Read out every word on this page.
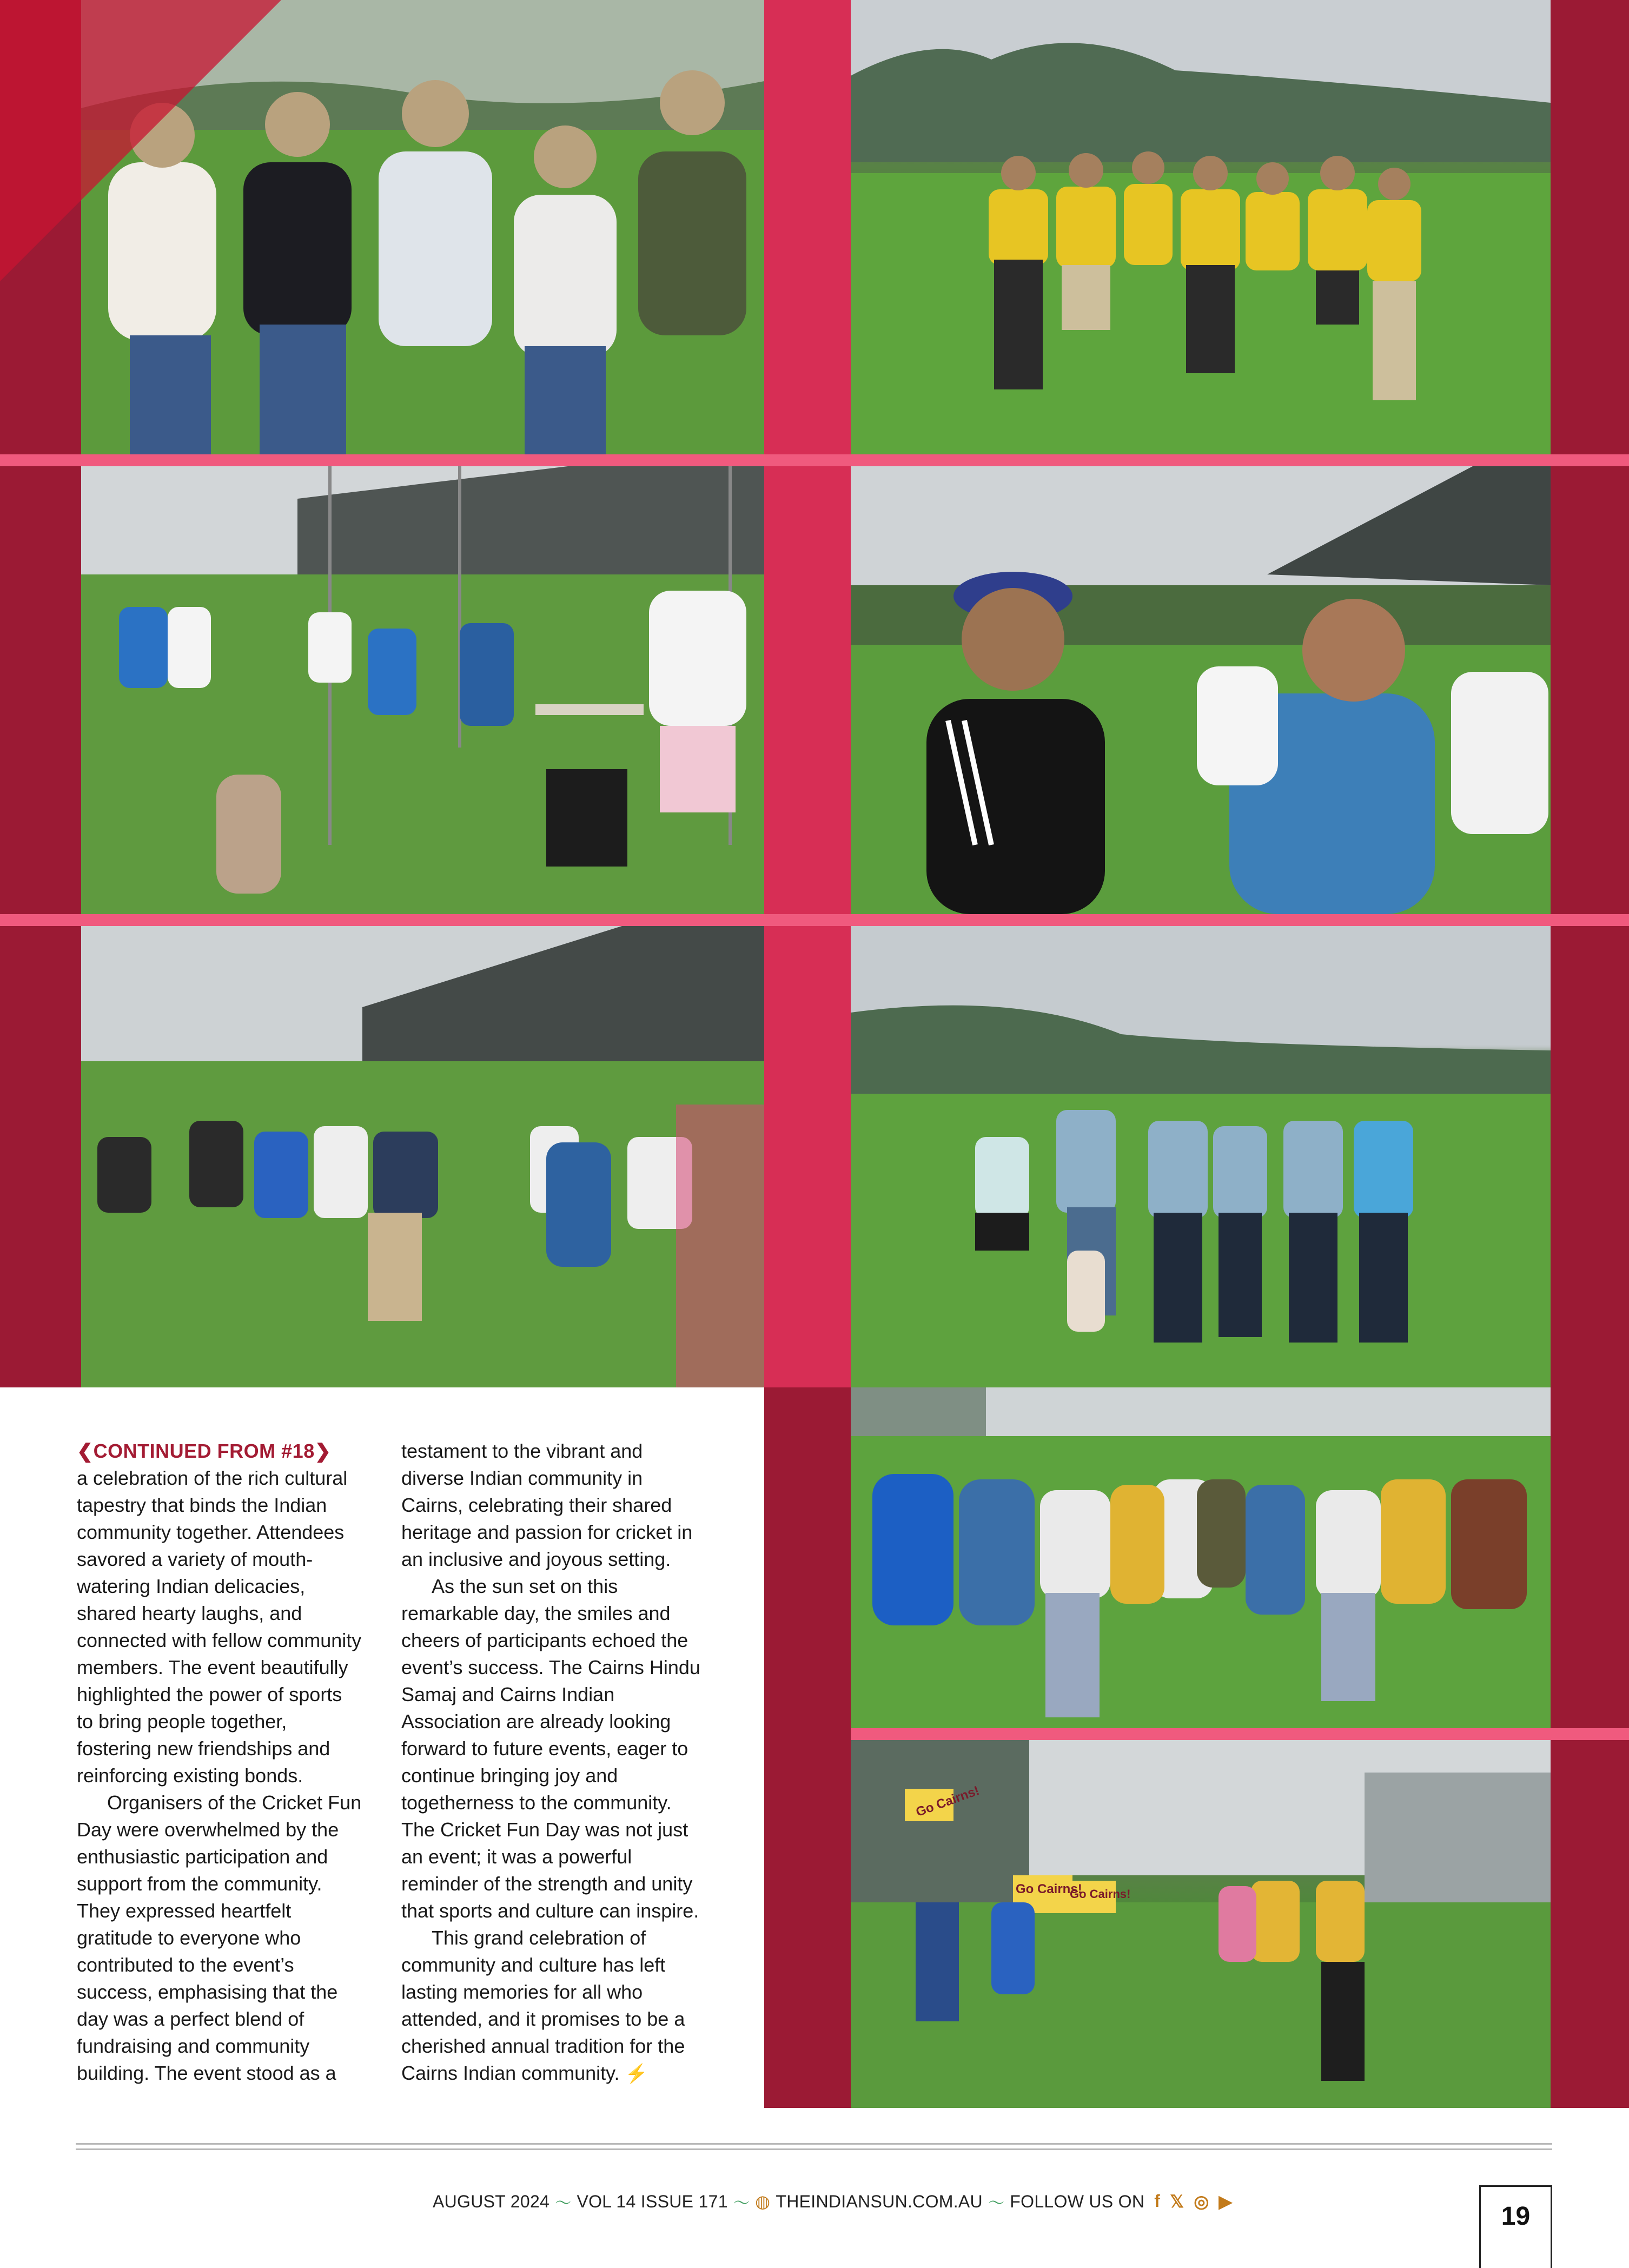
Go Cairns!
Go Cairns!
Go Cairns!

❮CONTINUED FROM #18❯

a celebration of the rich cultural tapestry that binds the Indian community together. Attendees savored a variety of mouth-watering Indian delicacies, shared hearty laughs, and connected with fellow community members. The event beautifully highlighted the power of sports to bring people together, fostering new friendships and reinforcing existing bonds.

Organisers of the Cricket Fun Day were overwhelmed by the enthusiastic participation and support from the community. They expressed heartfelt gratitude to everyone who contributed to the event’s success, emphasising that the day was a perfect blend of fundraising and community building. The event stood as a

testament to the vibrant and diverse Indian community in Cairns, celebrating their shared heritage and passion for cricket in an inclusive and joyous setting.

As the sun set on this remarkable day, the smiles and cheers of participants echoed the event’s success. The Cairns Hindu Samaj and Cairns Indian Association are already looking forward to future events, eager to continue bringing joy and togetherness to the community. The Cricket Fun Day was not just an event; it was a powerful reminder of the strength and unity that sports and culture can inspire.

This grand celebration of community and culture has left lasting memories for all who attended, and it promises to be a cherished annual tradition for the Cairns Indian community. ⚡

AUGUST 2024 〜 VOL 14 ISSUE 171 〜 ◍ THEINDIANSUN.COM.AU 〜 FOLLOW US ON f 𝕏 ◎ ▶
19
